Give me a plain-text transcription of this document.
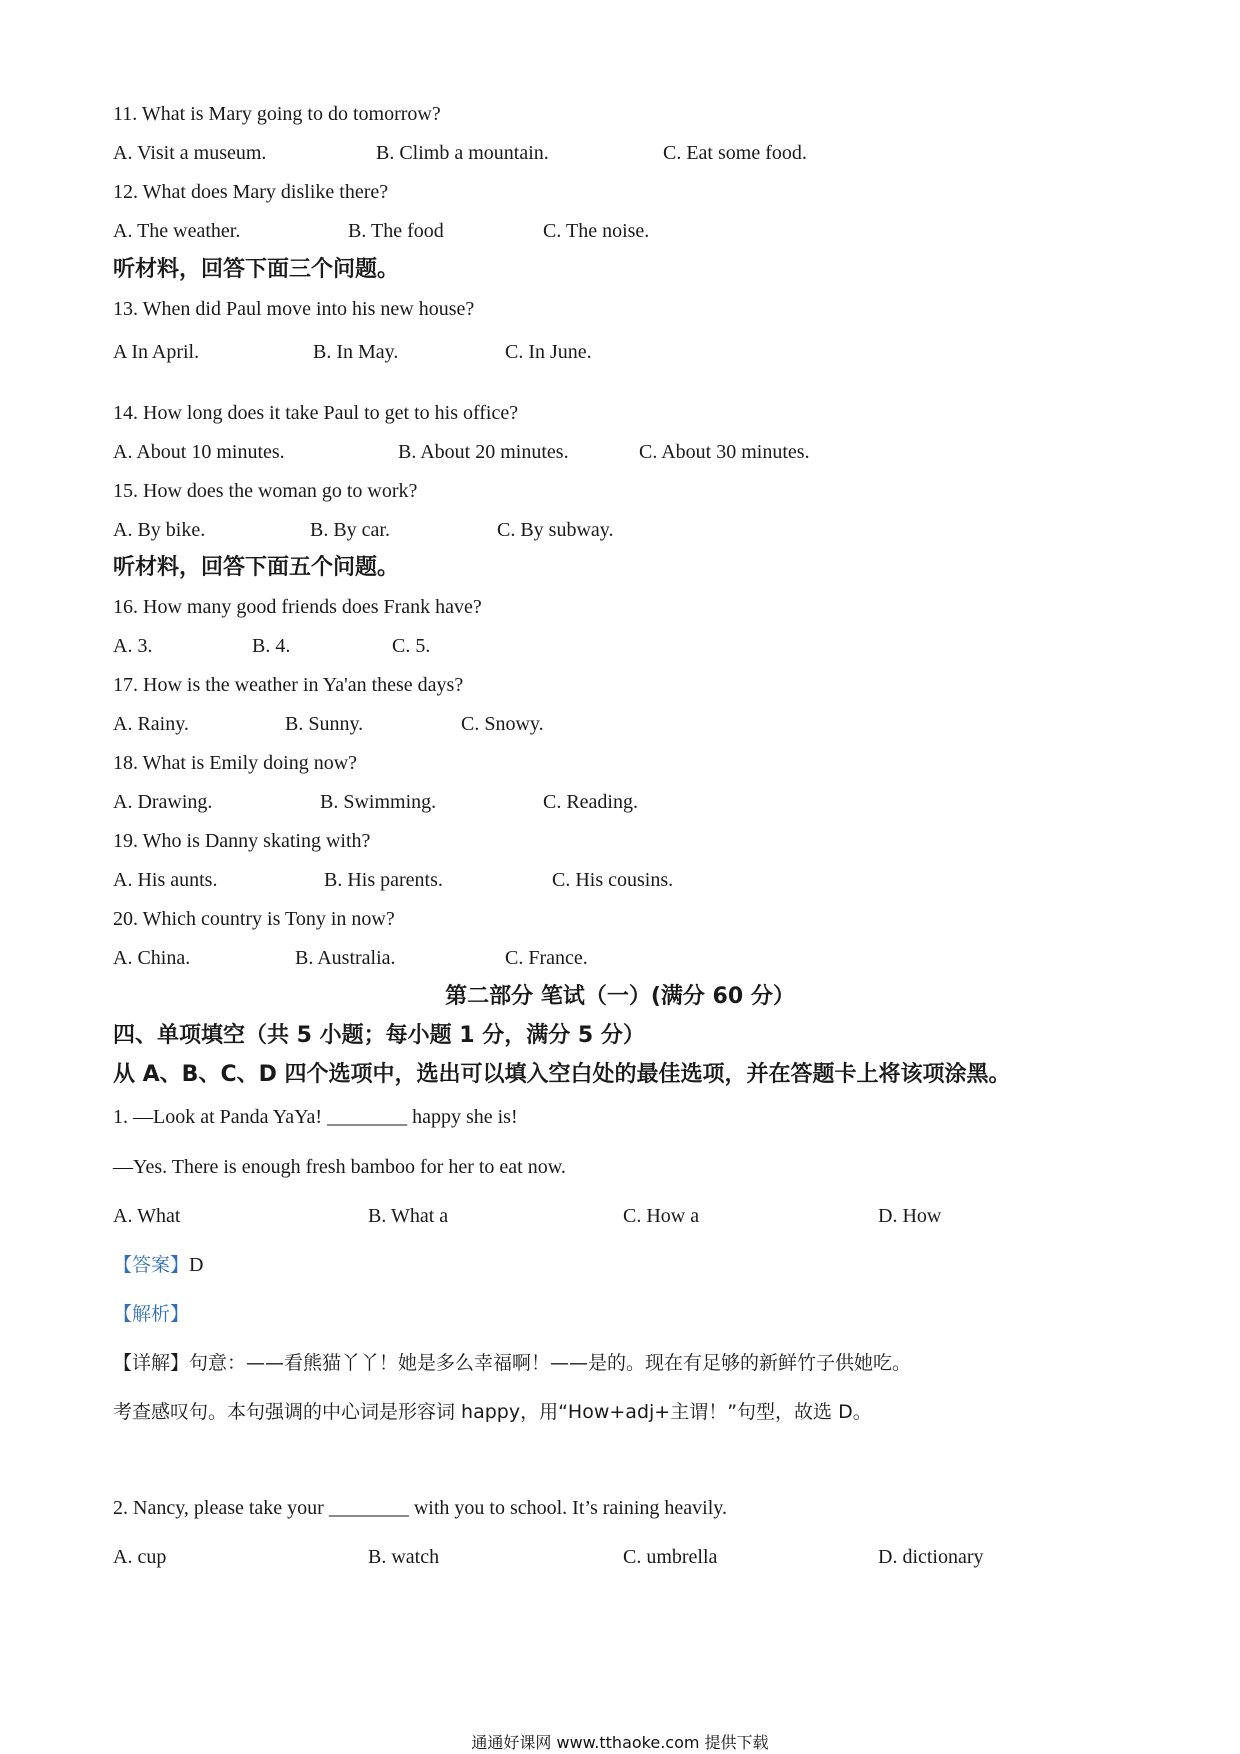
11. What is Mary going to do tomorrow?
A. Visit a museum.	B. Climb a mountain.	C. Eat some food.
12. What does Mary dislike there?
A. The weather.	B. The food	C. The noise.
听材料，回答下面三个问题。
13. When did Paul move into his new house?
A In April.	B. In May.	C. In June.
14. How long does it take Paul to get to his office?
A. About 10 minutes.	B. About 20 minutes.	C. About 30 minutes.
15. How does the woman go to work?
A. By bike.	B. By car.	C. By subway.
听材料，回答下面五个问题。
16. How many good friends does Frank have?
A. 3.	B. 4.	C. 5.
17. How is the weather in Ya'an these days?
A. Rainy.	B. Sunny.	C. Snowy.
18. What is Emily doing now?
A. Drawing.	B. Swimming.	C. Reading.
19. Who is Danny skating with?
A. His aunts.	B. His parents.	C. His cousins.
20. Which country is Tony in now?
A. China.	B. Australia.	C. France.
第二部分 笔试（一）(满分 60 分）
四、单项填空（共 5 小题；每小题 1 分，满分 5 分）
从 A、B、C、D 四个选项中，选出可以填入空白处的最佳选项，并在答题卡上将该项涂黑。
1. —Look at Panda YaYa! ________ happy she is!
—Yes. There is enough fresh bamboo for her to eat now.
A. What	B. What a	C. How a	D. How
【答案】D
【解析】
【详解】句意：——看熊猫丫丫！她是多么幸福啊！——是的。现在有足够的新鲜竹子供她吃。
考查感叹句。本句强调的中心词是形容词 happy，用“How+adj+主谓！”句型，故选 D。
2. Nancy, please take your ________ with you to school. It’s raining heavily.
A. cup	B. watch	C. umbrella	D. dictionary
通通好课网 www.tthaoke.com 提供下载
